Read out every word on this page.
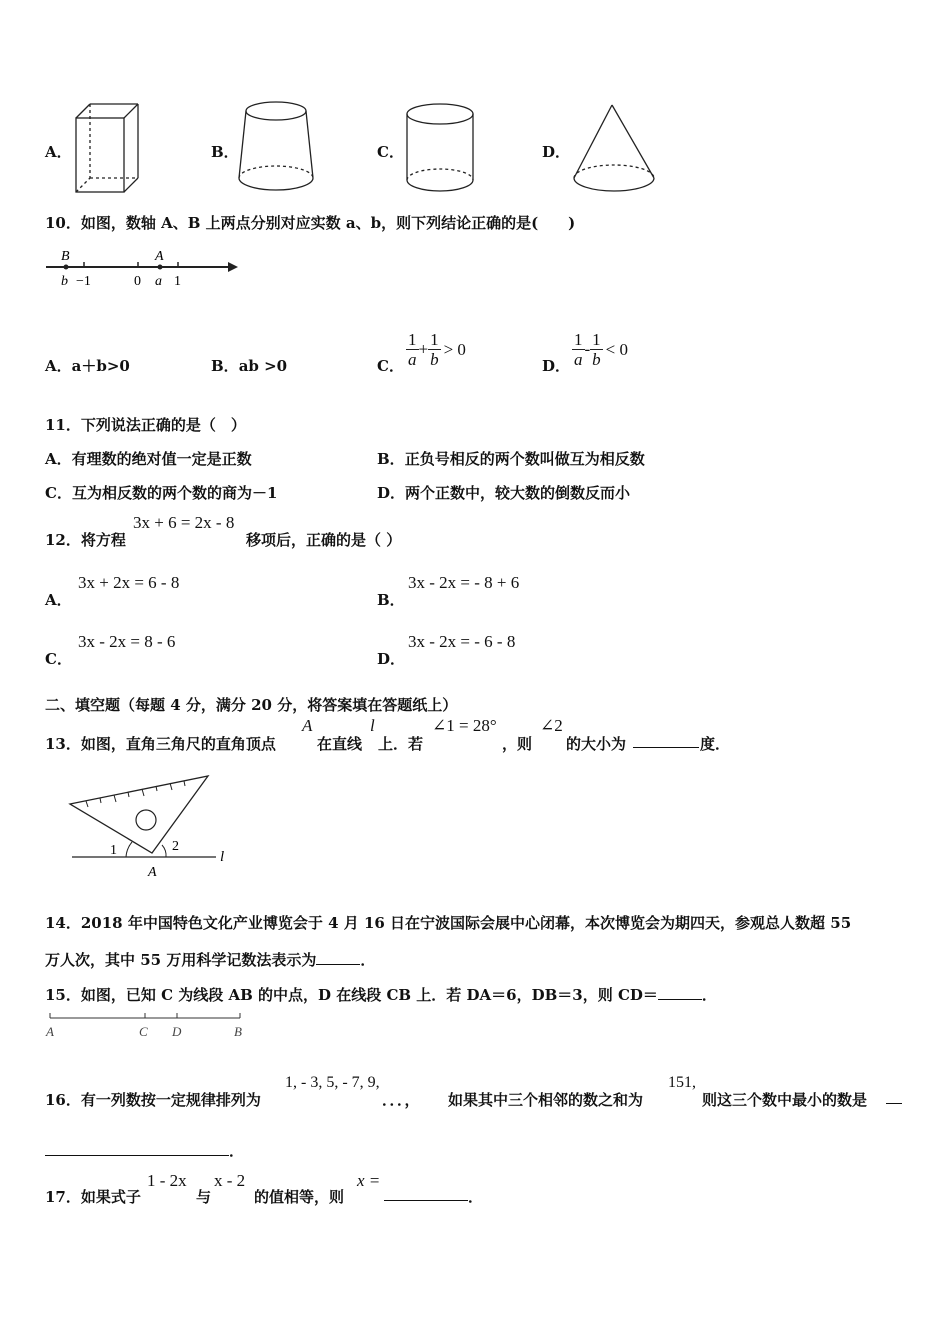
A．	B．	C．	D．
10．如图，数轴 A、B 上两点分别对应实数 a、b，则下列结论正确的是(　　)
B	A
b −1	0 a 1
A．a＋b>0	B．ab >0	C． $\frac{1}{a} + \frac{1}{b} > 0$
D． $\frac{1}{a} - \frac{1}{b} < 0$
11．下列说法正确的是（　）
A．有理数的绝对值一定是正数	B．正负号相反的两个数叫做互为相反数
C．互为相反数的两个数的商为－1	D．两个正数中，较大数的倒数反而小
12．将方程
3x + 6 = 2x - 8
移项后，正确的是（ ）
A．
3x + 2x = 6 - 8
B．
3x - 2x = - 8 + 6
C．
3x - 2x = 8 - 6
D．
3x - 2x = - 6 - 8
二、填空题（每题 4 分，满分 20 分，将答案填在答题纸上）
13．如图，直角三角尺的直角顶点
A
在直线
l
上．若
∠1 = 28°
，则
∠2
的大小为	度．
1	2
A
l
14．2018 年中国特色文化产业博览会于 4 月 16 日在宁波国际会展中心闭幕，本次博览会为期四天，参观总人数超 55
万人次，其中 55 万用科学记数法表示为	．
15．如图，已知 C 为线段 AB 的中点，D 在线段 CB 上．若 DA＝6，DB＝3，则 CD＝	．
A	C D	B
16．有一列数按一定规律排列为
1, - 3, 5, - 7, 9,
．．．， 如果其中三个相邻的数之和为
151,
则这三个数中最小的数是
．
17．如果式子
1 - 2x
与
x - 2
的值相等，则
x =
．
